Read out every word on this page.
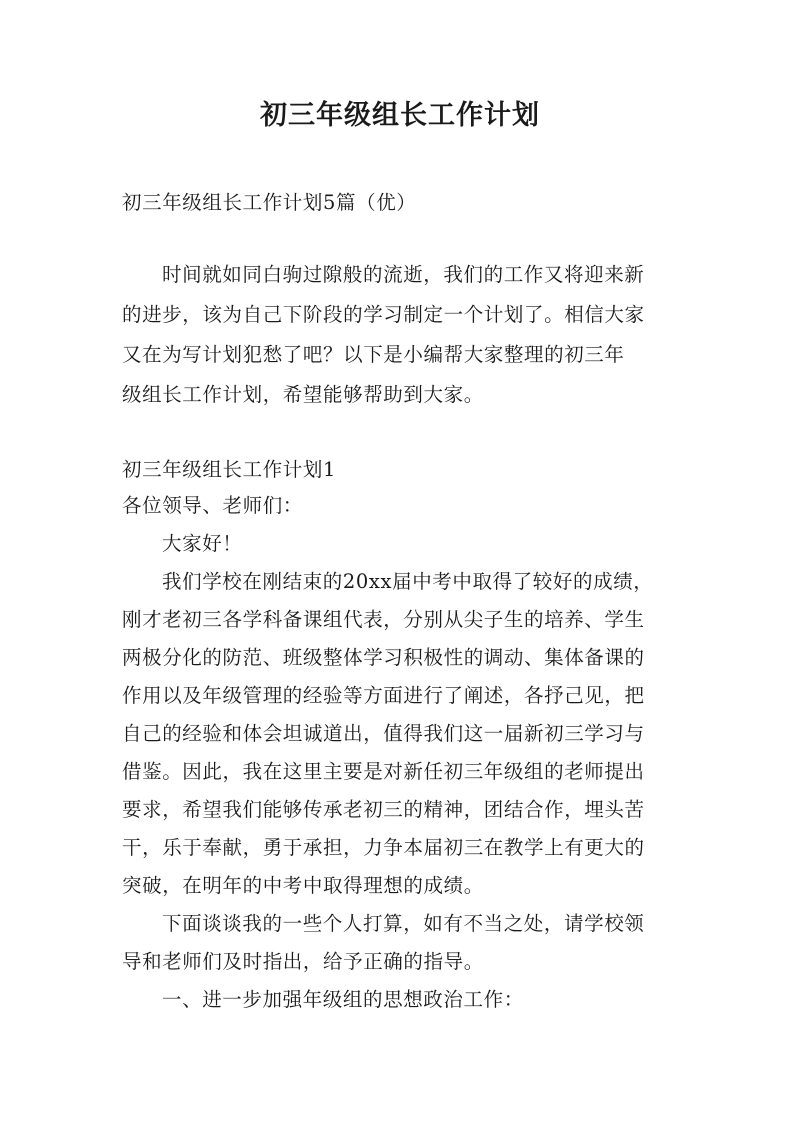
初三年级组长工作计划
初三年级组长工作计划5篇（优）
时间就如同白驹过隙般的流逝，我们的工作又将迎来新
的进步，该为自己下阶段的学习制定一个计划了。相信大家
又在为写计划犯愁了吧？以下是小编帮大家整理的初三年
级组长工作计划，希望能够帮助到大家。
初三年级组长工作计划1
各位领导、老师们：
大家好！
我们学校在刚结束的20xx届中考中取得了较好的成绩，
刚才老初三各学科备课组代表，分别从尖子生的培养、学生
两极分化的防范、班级整体学习积极性的调动、集体备课的
作用以及年级管理的经验等方面进行了阐述，各抒己见，把
自己的经验和体会坦诚道出，值得我们这一届新初三学习与
借鉴。因此，我在这里主要是对新任初三年级组的老师提出
要求，希望我们能够传承老初三的精神，团结合作，埋头苦
干，乐于奉献，勇于承担，力争本届初三在教学上有更大的
突破，在明年的中考中取得理想的成绩。
下面谈谈我的一些个人打算，如有不当之处，请学校领
导和老师们及时指出，给予正确的指导。
一、进一步加强年级组的思想政治工作：
